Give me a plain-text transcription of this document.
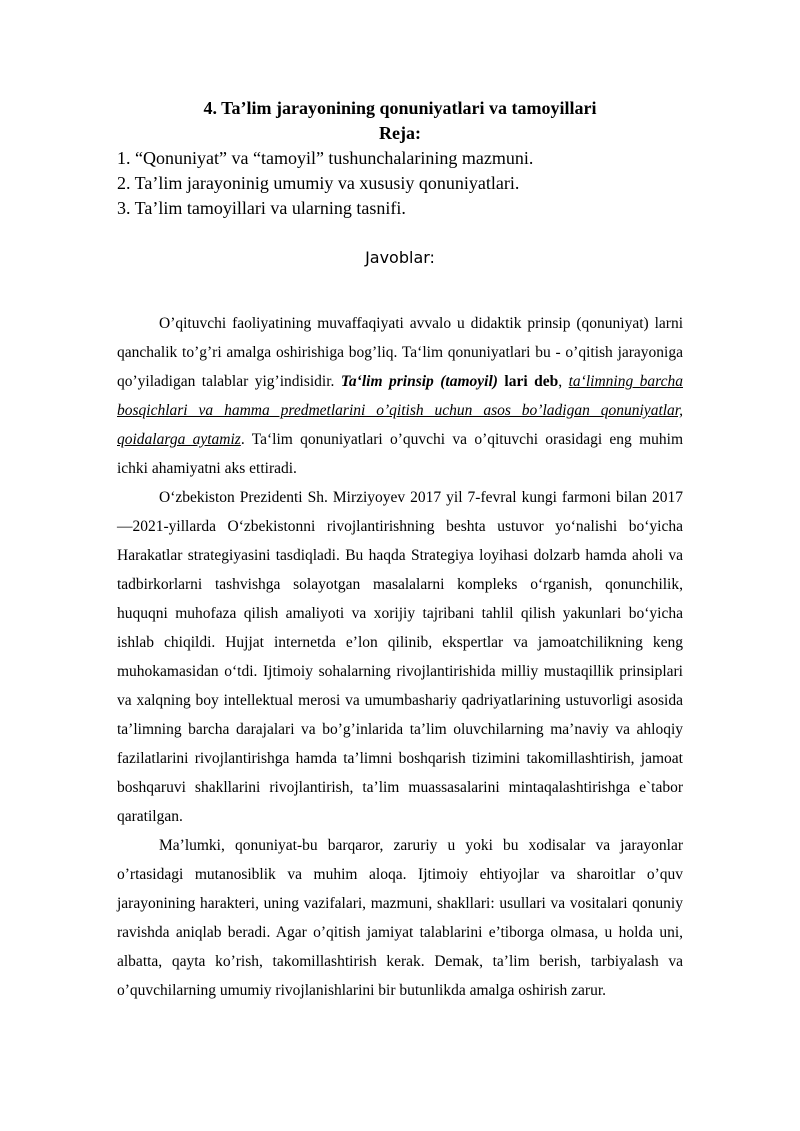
4. Ta’lim jarayonining qonuniyatlari va tamoyillari

Reja:

1. “Qonuniyat” va “tamoyil” tushunchalarining mazmuni.
2. Ta’lim jarayoninig umumiy va xususiy qonuniyatlari.
3. Ta’lim tamoyillari va ularning tasnifi.

Javoblar:

O’qituvchi faoliyatining muvaffaqiyati avvalo u didaktik prinsip (qonuniyat) larni qanchalik to’g’ri amalga oshirishiga bog’liq. Ta‘lim qonuniyatlari bu - o’qitish jarayoniga qo’yiladigan talablar yig’indisidir. Ta‘lim prinsip (tamoyil) lari deb, ta‘limning barcha bosqichlari va hamma predmetlarini o’qitish uchun asos bo’ladigan qonuniyatlar, qoidalarga aytamiz. Ta‘lim qonuniyatlari o’quvchi va o’qituvchi orasidagi eng muhim ichki ahamiyatni aks ettiradi.

O‘zbekiston Prezidenti Sh. Mirziyoyev 2017 yil 7-fevral kungi farmoni bilan 2017—2021-yillarda O‘zbekistonni rivojlantirishning beshta ustuvor yo‘nalishi bo‘yicha Harakatlar strategiyasini tasdiqladi. Bu haqda Strategiya loyihasi dolzarb hamda aholi va tadbirkorlarni tashvishga solayotgan masalalarni kompleks o‘rganish, qonunchilik, huquqni muhofaza qilish amaliyoti va xorijiy tajribani tahlil qilish yakunlari bo‘yicha ishlab chiqildi. Hujjat internetda e’lon qilinib, ekspertlar va jamoatchilikning keng muhokamasidan o‘tdi. Ijtimoiy sohalarning rivojlantirishida milliy mustaqillik prinsiplari va xalqning boy intellektual merosi va umumbashariy qadriyatlarining ustuvorligi asosida ta’limning barcha darajalari va bo’g’inlarida ta’lim oluvchilarning ma’naviy va ahloqiy fazilatlarini rivojlantirishga hamda ta’limni boshqarish tizimini takomillashtirish, jamoat boshqaruvi shakllarini rivojlantirish, ta’lim muassasalarini mintaqalashtirishga e`tabor qaratilgan.

Ma’lumki, qonuniyat-bu barqaror, zaruriy u yoki bu xodisalar va jarayonlar o’rtasidagi mutanosiblik va muhim aloqa. Ijtimoiy ehtiyojlar va sharoitlar o’quv jarayonining harakteri, uning vazifalari, mazmuni, shakllari: usullari va vositalari qonuniy ravishda aniqlab beradi. Agar o’qitish jamiyat talablarini e’tiborga olmasa, u holda uni, albatta, qayta ko’rish, takomillashtirish kerak. Demak, ta’lim berish, tarbiyalash va o’quvchilarning umumiy rivojlanishlarini bir butunlikda amalga oshirish zarur.
